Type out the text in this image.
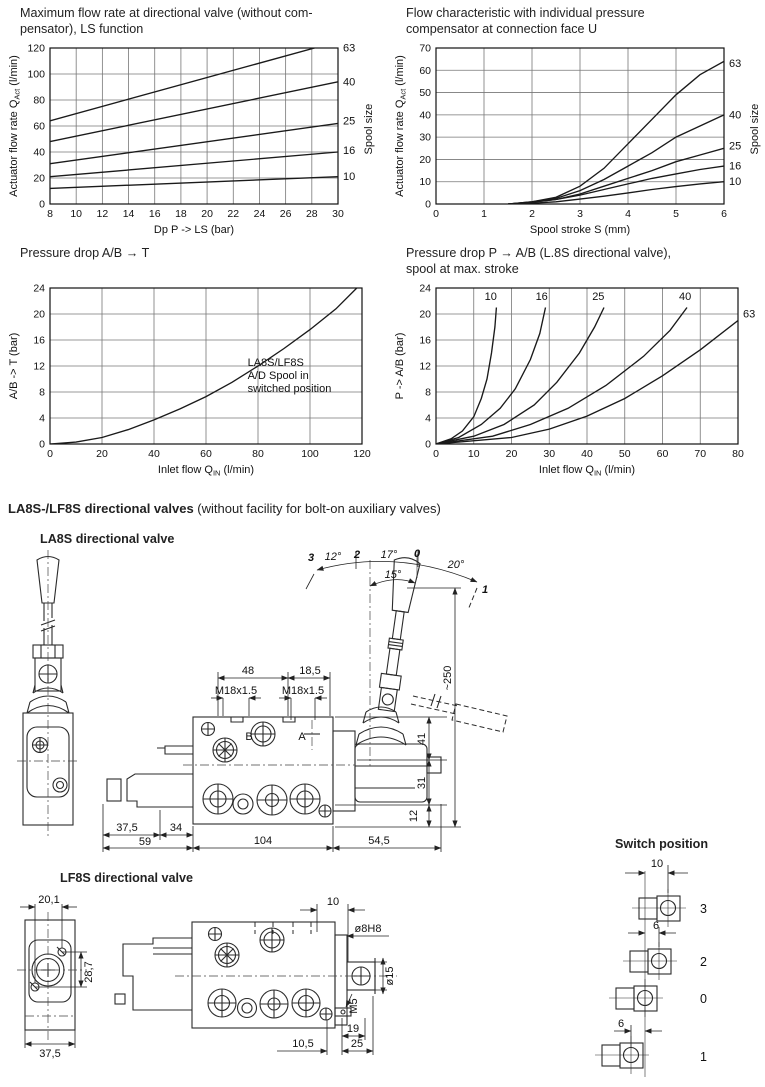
Maximum flow rate at directional valve (without com-
pensator), LS function
8 10 12 14 16 18 20 22 24 26 28 30
0
20
40
60
80
100
120	63
40
25
16
10
Spool size
Dp P -> LS (bar)
Actuator flow rate $Q_{Act}$ (l/min)
Flow characteristic with individual pressure
compensator at connection face U
0	1	2	3	4	5	6
0
10
20
30
40
50
60
70
63
40
25
16
10
Spool size
Spool stroke S (mm)
Actuator flow rate $Q_{Act}$ (l/min)
Pressure drop A/B → T
0	20	40	60	80	100	120
0
4
8
12
16
20
24
Inlet flow $Q_{IN}$ (l/min)
A/B -> T (bar)	LA8S/LF8S
A/D Spool in
switched position
Pressure drop P → A/B (L.8S directional valve),
spool at max. stroke
0	10 20 30 40 50 60 70 80
0
4
8
12
16
20
24
10	16	25	40
63
Inlet flow $Q_{IN}$ (l/min)
P -> A/B (bar)
LA8S-/LF8S directional valves (without facility for bolt-on auxiliary valves)
LA8S directional valve
3 12° 2 17° 0
20°
15°
1
48	18,5
M18x1.5 M18x1.5
B	A
~250
41
31
12
37,5	34
59	104	54,5
LF8S directional valve
20,1
28,7
37,5
10
ø8H8
ø15
M5
19
10,5	25
Switch position
10
6
6
3
2
0
1
